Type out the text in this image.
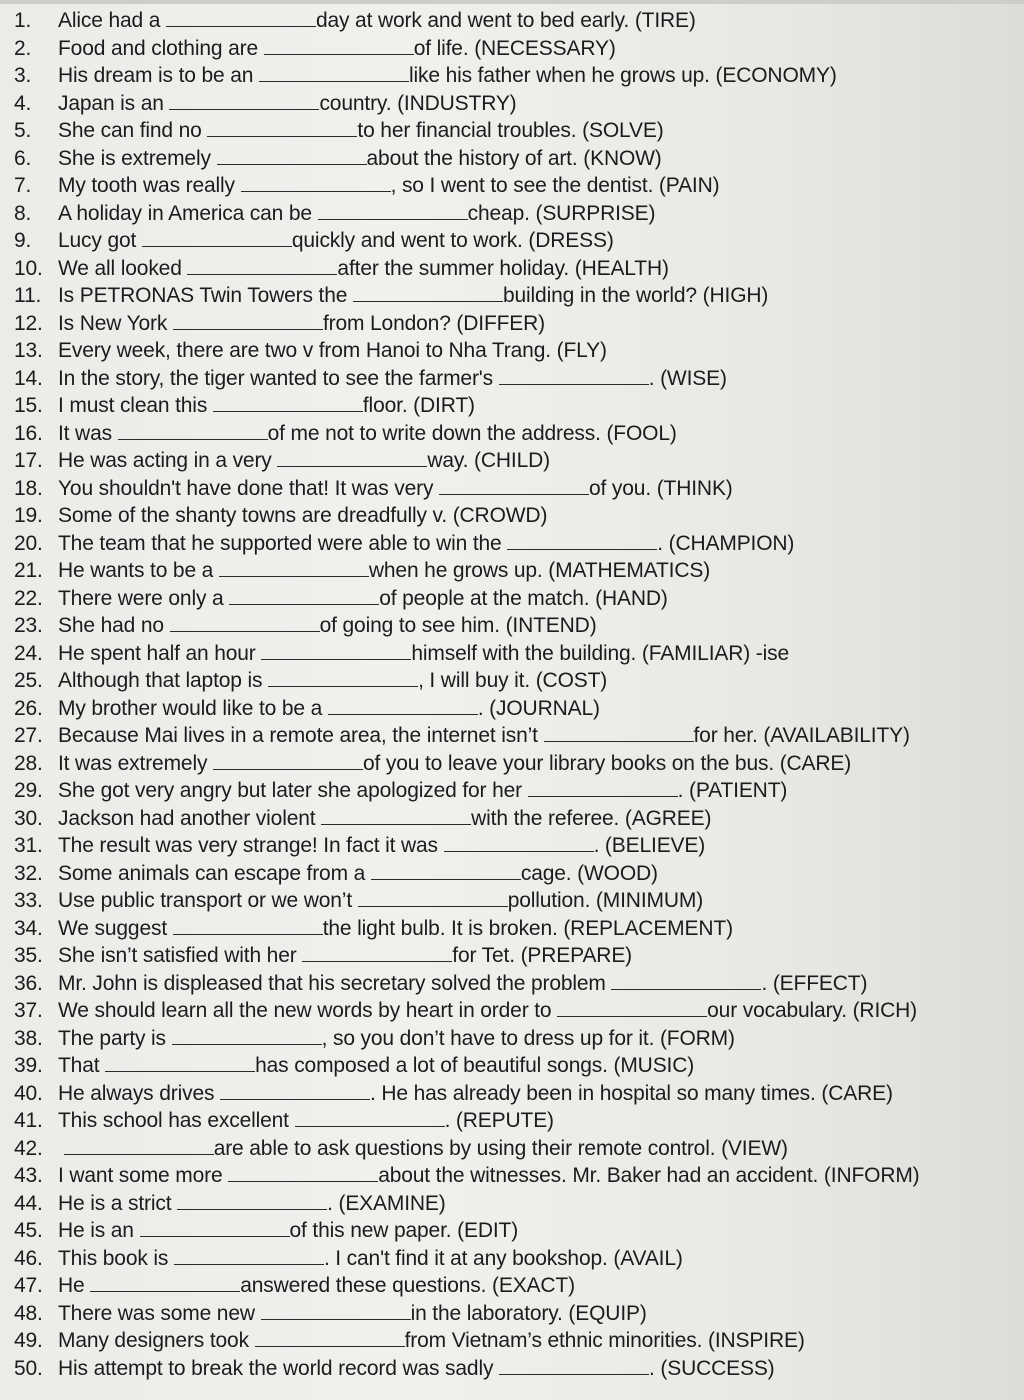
1. Alice had a	day at work and went to bed early. (TIRE)
2. Food and clothing are	of life. (NECESSARY)
3. His dream is to be an	like his father when he grows up. (ECONOMY)
4. Japan is an	country. (INDUSTRY)
5. She can find no	to her financial troubles. (SOLVE)
6. She is extremely	about the history of art. (KNOW)
7. My tooth was really	, so I went to see the dentist. (PAIN)
8. A holiday in America can be	cheap. (SURPRISE)
9. Lucy got	quickly and went to work. (DRESS)
10. We all looked	after the summer holiday. (HEALTH)
11. Is PETRONAS Twin Towers the	building in the world? (HIGH)
12. Is New York	from London? (DIFFER)
13. Every week, there are two v from Hanoi to Nha Trang. (FLY)
14. In the story, the tiger wanted to see the farmer's	. (WISE)
15. I must clean this	floor. (DIRT)
16. It was	of me not to write down the address. (FOOL)
17. He was acting in a very	way. (CHILD)
18. You shouldn't have done that! It was very	of you. (THINK)
19. Some of the shanty towns are dreadfully v. (CROWD)
20. The team that he supported were able to win the	. (CHAMPION)
21. He wants to be a	when he grows up. (MATHEMATICS)
22. There were only a	of people at the match. (HAND)
23. She had no	of going to see him. (INTEND)
24. He spent half an hour	himself with the building. (FAMILIAR) -ise
25. Although that laptop is	, I will buy it. (COST)
26. My brother would like to be a	. (JOURNAL)
27. Because Mai lives in a remote area, the internet isn’t	for her. (AVAILABILITY)
28. It was extremely	of you to leave your library books on the bus. (CARE)
29. She got very angry but later she apologized for her	. (PATIENT)
30. Jackson had another violent	with the referee. (AGREE)
31. The result was very strange! In fact it was	. (BELIEVE)
32. Some animals can escape from a	cage. (WOOD)
33. Use public transport or we won’t	pollution. (MINIMUM)
34. We suggest	the light bulb. It is broken. (REPLACEMENT)
35. She isn’t satisfied with her	for Tet. (PREPARE)
36. Mr. John is displeased that his secretary solved the problem	. (EFFECT)
37. We should learn all the new words by heart in order to	our vocabulary. (RICH)
38. The party is	, so you don’t have to dress up for it. (FORM)
39. That	has composed a lot of beautiful songs. (MUSIC)
40. He always drives	. He has already been in hospital so many times. (CARE)
41. This school has excellent	. (REPUTE)
42.	are able to ask questions by using their remote control. (VIEW)
43. I want some more	about the witnesses. Mr. Baker had an accident. (INFORM)
44. He is a strict	. (EXAMINE)
45. He is an	of this new paper. (EDIT)
46. This book is	. I can't find it at any bookshop. (AVAIL)
47. He	answered these questions. (EXACT)
48. There was some new	in the laboratory. (EQUIP)
49. Many designers took	from Vietnam’s ethnic minorities. (INSPIRE)
50. His attempt to break the world record was sadly	. (SUCCESS)
